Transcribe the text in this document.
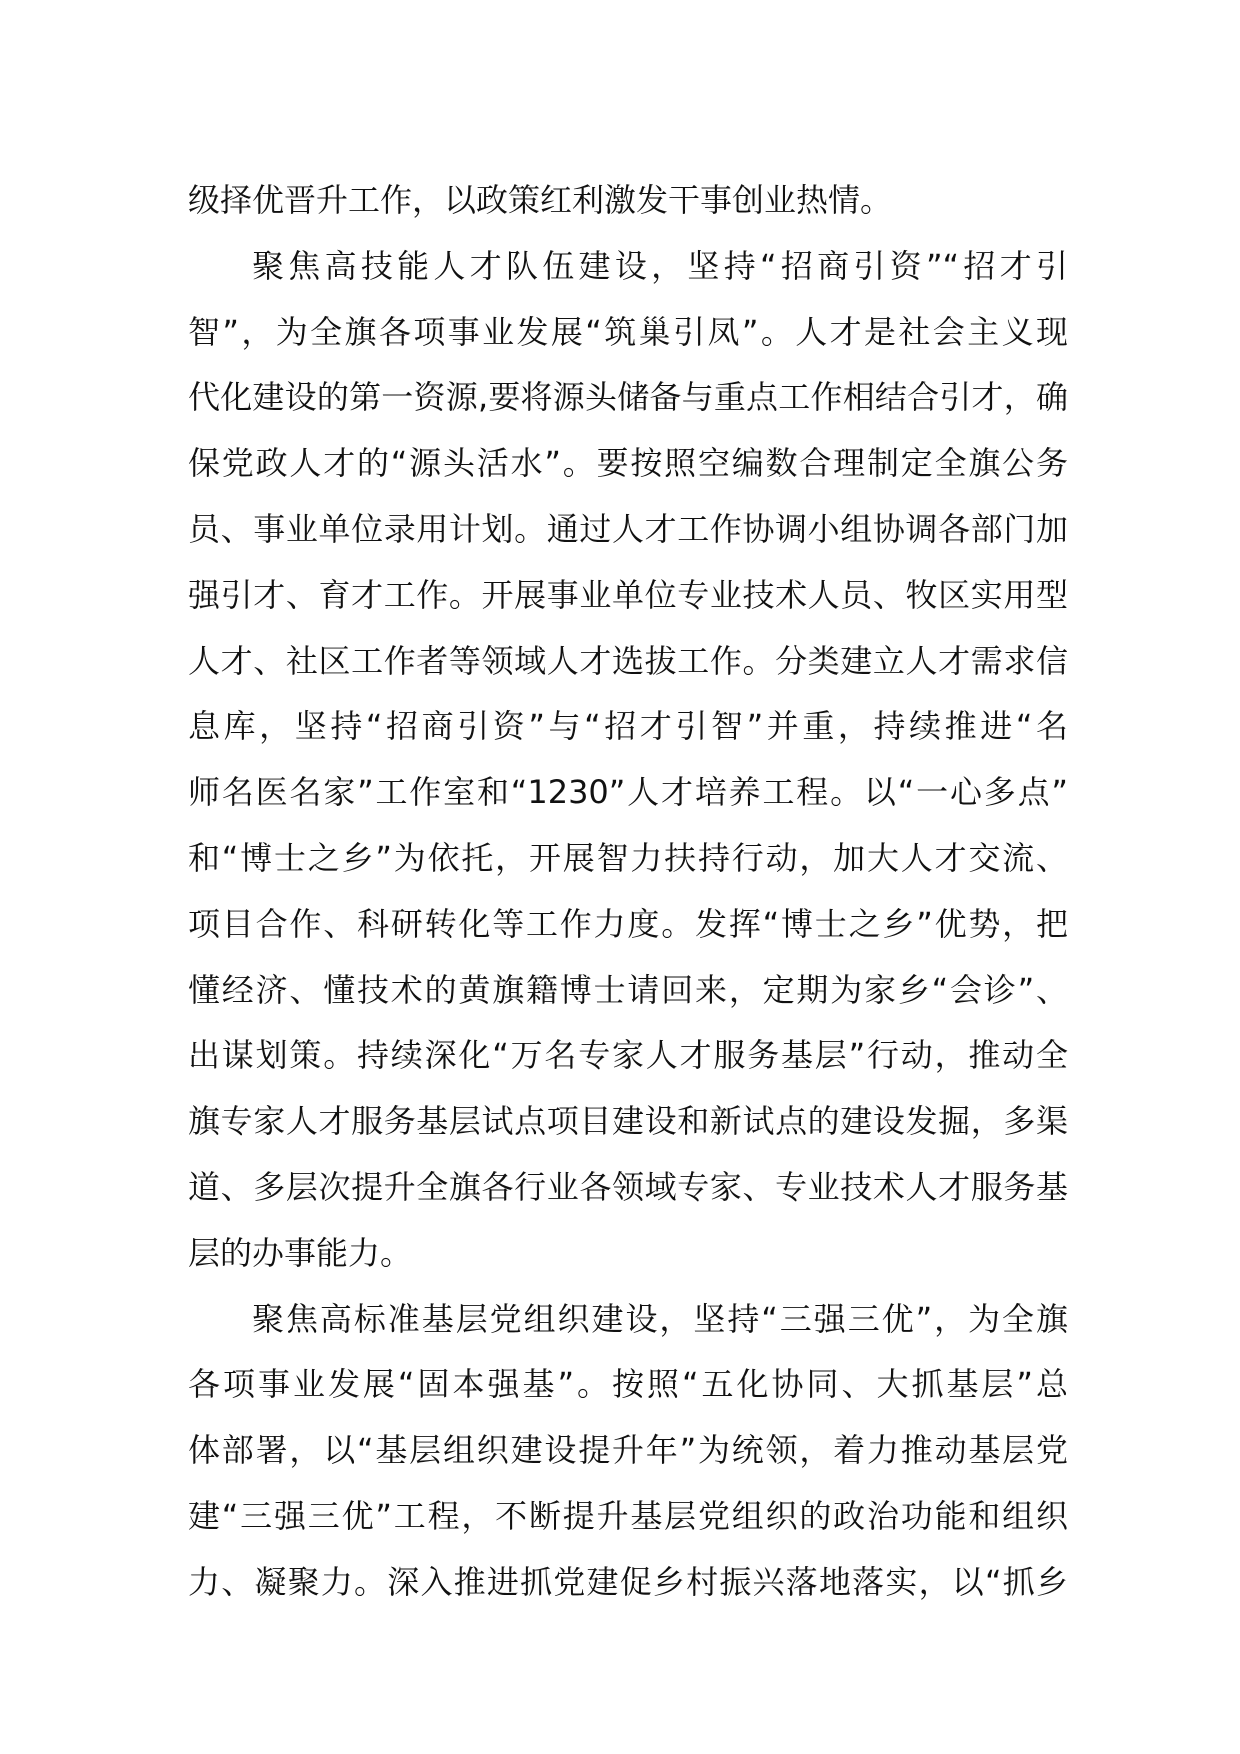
级择优晋升工作，以政策红利激发干事创业热情。
聚焦高技能人才队伍建设，坚持“招商引资”“招才引
智”，为全旗各项事业发展“筑巢引凤”。人才是社会主义现
代化建设的第一资源,要将源头储备与重点工作相结合引才，确
保党政人才的“源头活水”。要按照空编数合理制定全旗公务
员、事业单位录用计划。通过人才工作协调小组协调各部门加
强引才、育才工作。开展事业单位专业技术人员、牧区实用型
人才、社区工作者等领域人才选拔工作。分类建立人才需求信
息库，坚持“招商引资”与“招才引智”并重，持续推进“名
师名医名家”工作室和“1230”人才培养工程。以“一心多点”
和“博士之乡”为依托，开展智力扶持行动，加大人才交流、
项目合作、科研转化等工作力度。发挥“博士之乡”优势，把
懂经济、懂技术的黄旗籍博士请回来，定期为家乡“会诊”、
出谋划策。持续深化“万名专家人才服务基层”行动，推动全
旗专家人才服务基层试点项目建设和新试点的建设发掘，多渠
道、多层次提升全旗各行业各领域专家、专业技术人才服务基
层的办事能力。
聚焦高标准基层党组织建设，坚持“三强三优”，为全旗
各项事业发展“固本强基”。按照“五化协同、大抓基层”总
体部署，以“基层组织建设提升年”为统领，着力推动基层党
建“三强三优”工程，不断提升基层党组织的政治功能和组织
力、凝聚力。深入推进抓党建促乡村振兴落地落实，以“抓乡
